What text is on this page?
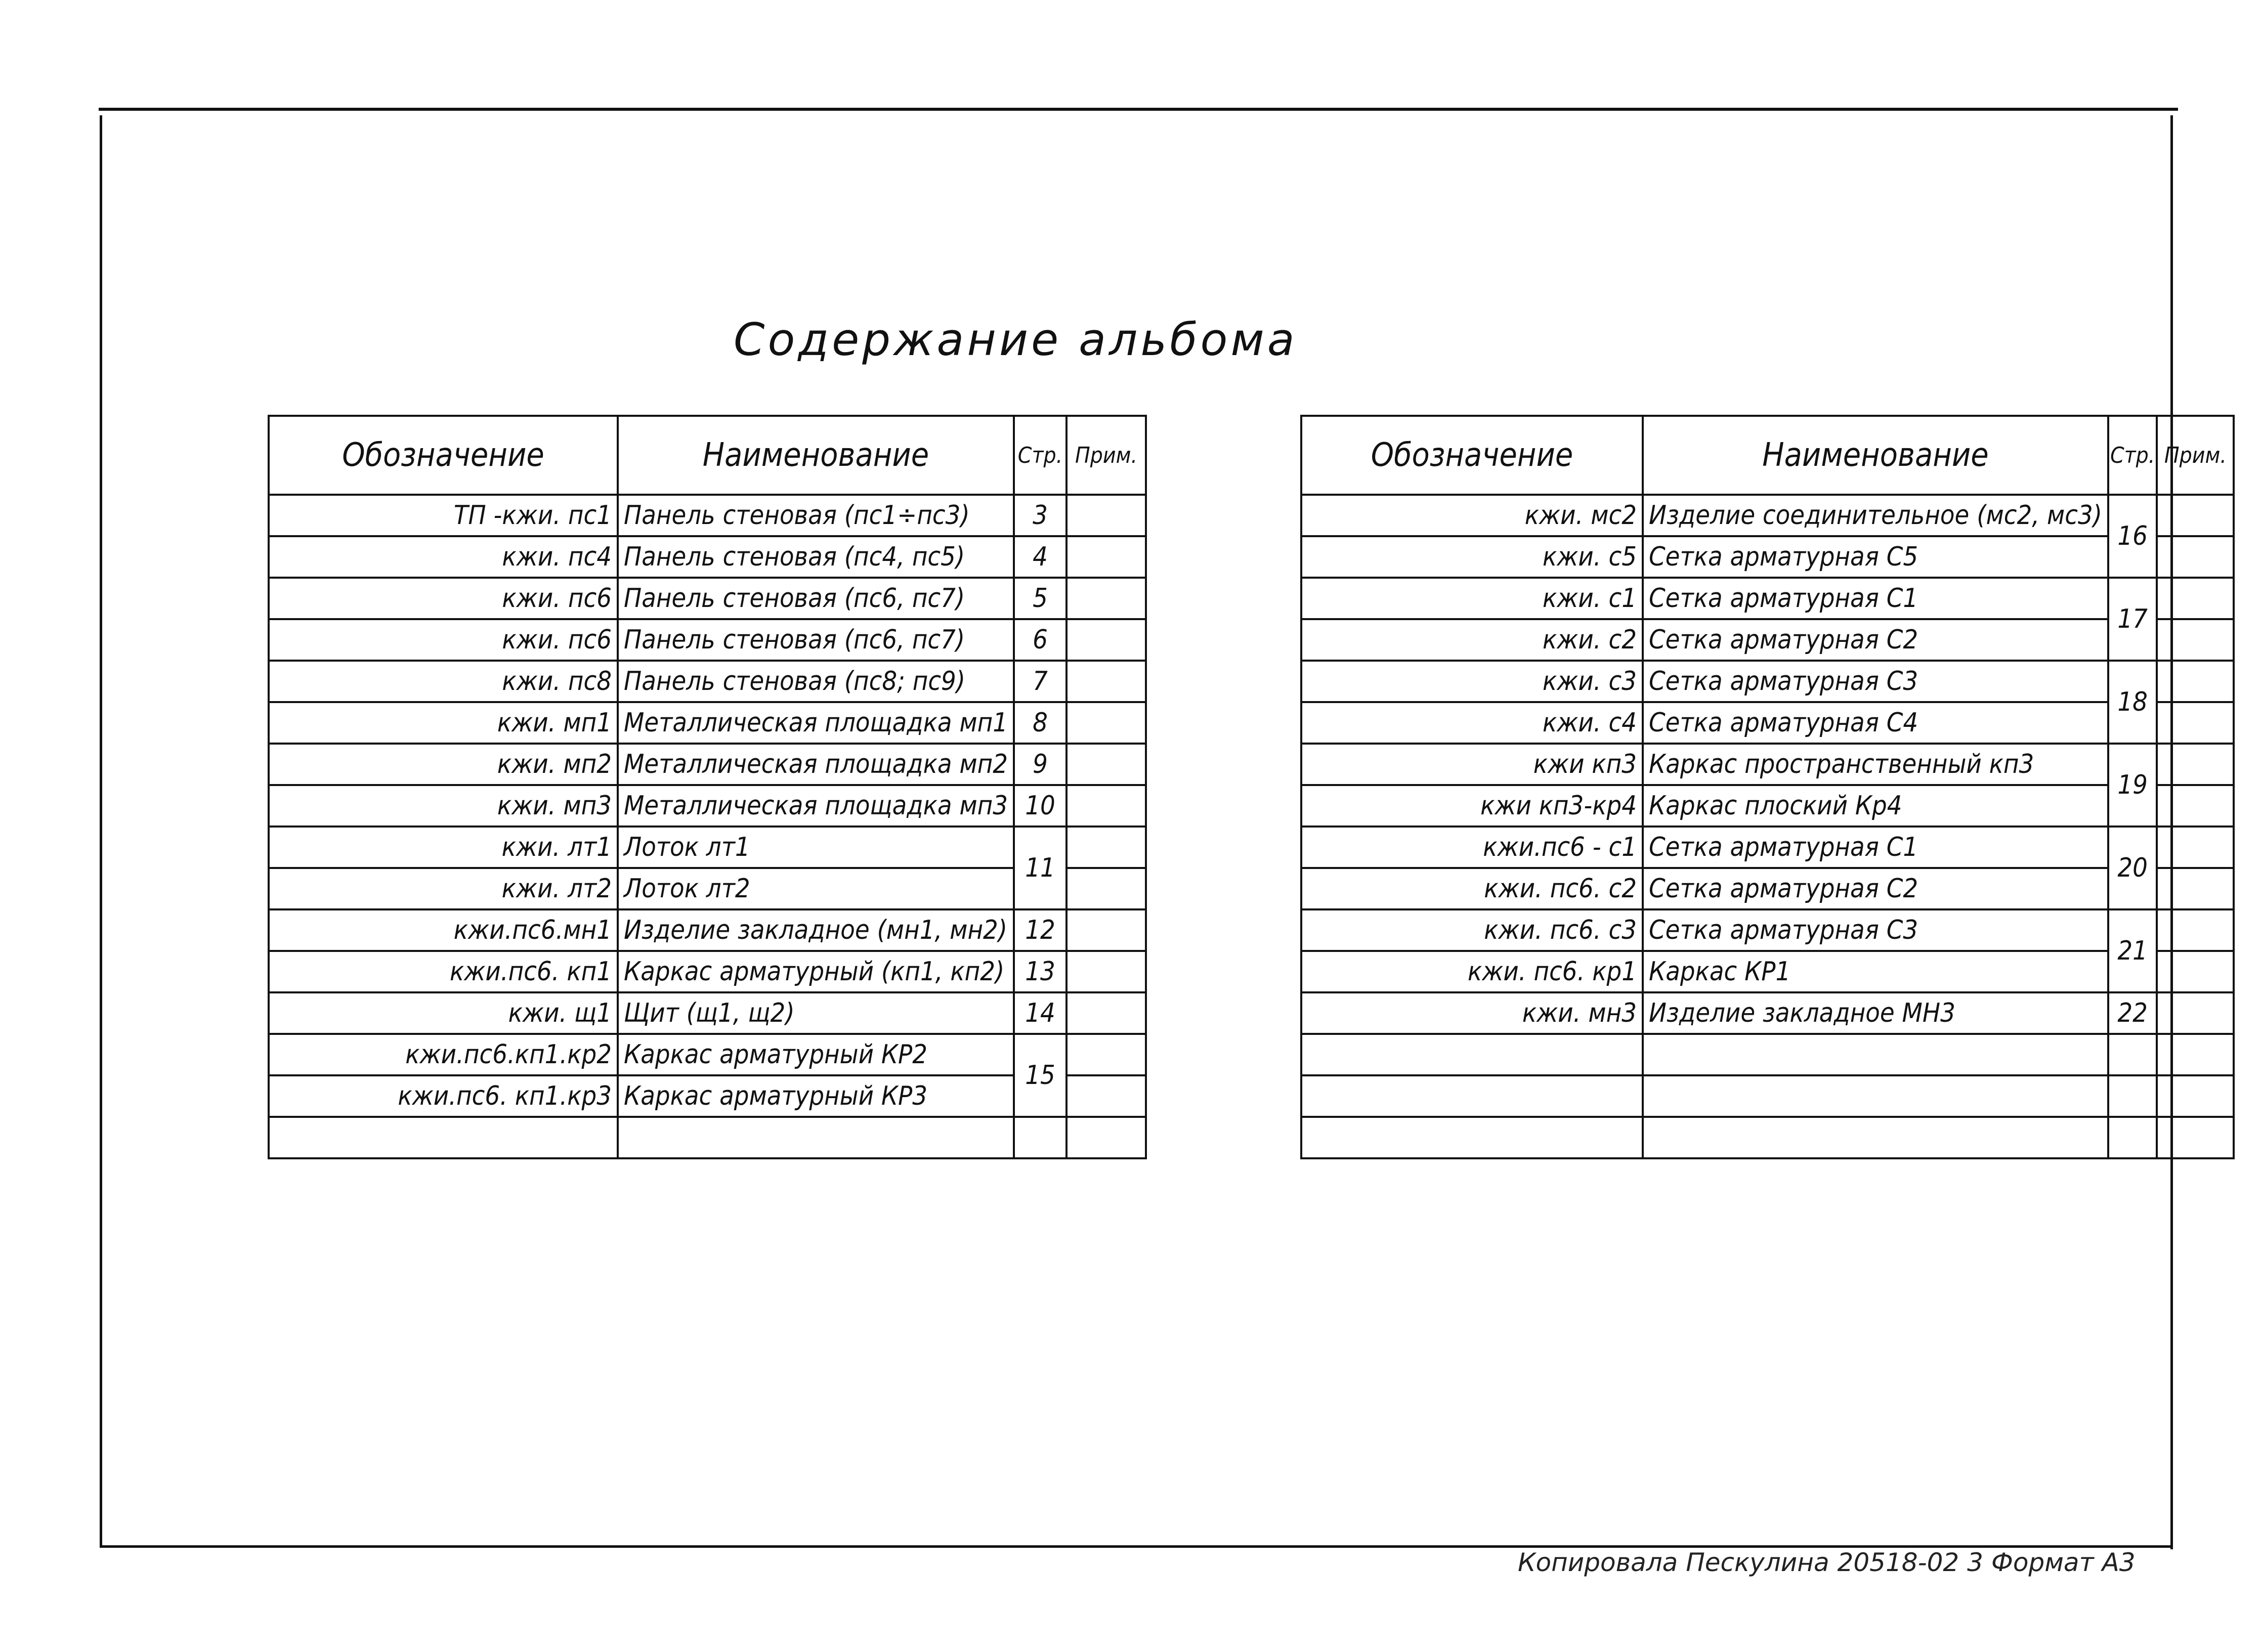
Содержание альбома
Обозначение	Наименование	Стр.	Прим.
ТП -кжи. пс1	Панель стеновая (пс1÷пс3)	3	
кжи. пс4	Панель стеновая (пс4, пс5)	4	
кжи. пс6	Панель стеновая (пс6, пс7)	5	
кжи. пс6	Панель стеновая (пс6, пс7)	6	
кжи. пс8	Панель стеновая (пс8; пс9)	7	
кжи. мп1	Металлическая площадка мп1	8	
кжи. мп2	Металлическая площадка мп2	9	
кжи. мп3	Металлическая площадка мп3	10	
кжи. лт1	Лоток лт1	11	
кжи. лт2	Лоток лт2		
кжи.пс6.мн1	Изделие закладное (мн1, мн2)	12	
кжи.пс6. кп1	Каркас арматурный (кп1, кп2)	13	
кжи. щ1	Щит (щ1, щ2)	14	
кжи.пс6.кп1.кр2	Каркас арматурный КР2	15	
кжи.пс6. кп1.кр3	Каркас арматурный КР3		

Обозначение	Наименование	Стр.	Прим.
кжи. мс2	Изделие соединительное (мс2, мс3)	16	
кжи. с5	Сетка арматурная С5		
кжи. с1	Сетка арматурная С1	17	
кжи. с2	Сетка арматурная С2		
кжи. с3	Сетка арматурная С3	18	
кжи. с4	Сетка арматурная С4		
кжи кп3	Каркас пространственный кп3	19	
кжи кп3-кр4	Каркас плоский Кр4		
кжи.пс6 - с1	Сетка арматурная С1	20	
кжи. пс6. с2	Сетка арматурная С2		
кжи. пс6. с3	Сетка арматурная С3	21	
кжи. пс6. кр1	Каркас КР1		
кжи. мн3	Изделие закладное МН3	22	

Копировала Пескулина 20518-02 3 Формат А3
